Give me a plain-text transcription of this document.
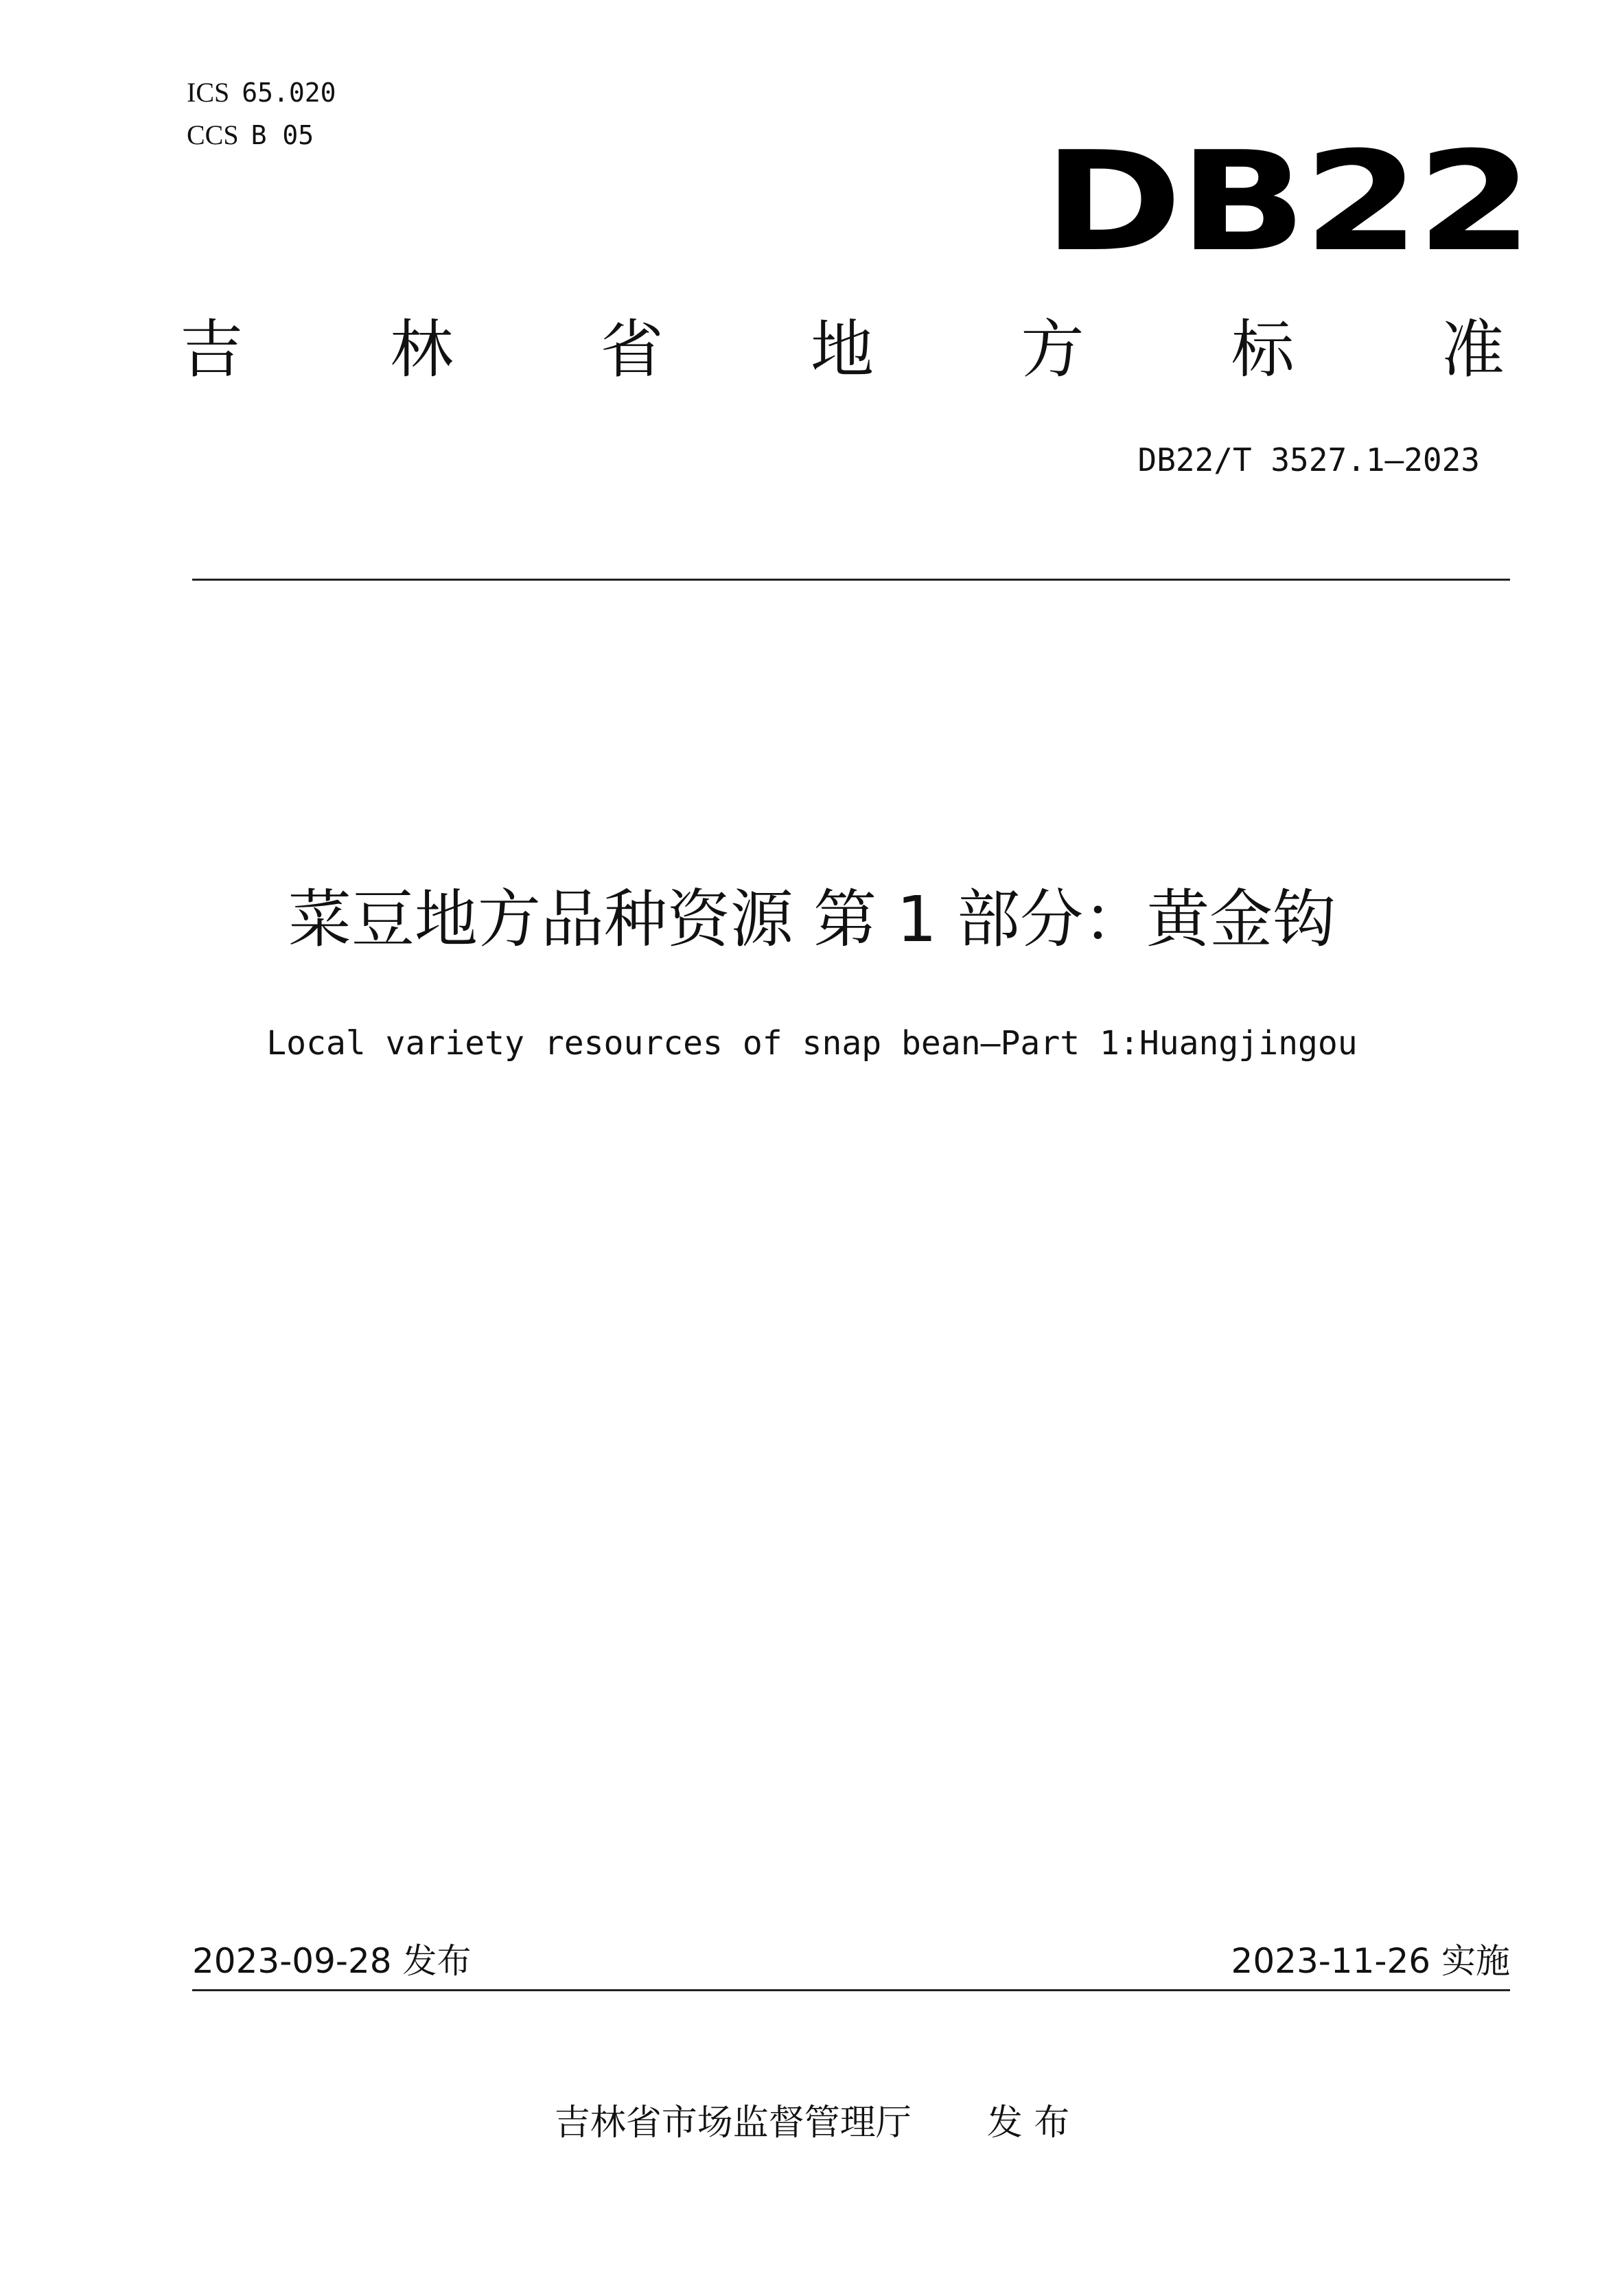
ICS 65.020
CCS B 05	DB22
吉 林 省 地 方 标 准
DB22/T 3527.1—2023
菜豆地方品种资源 第 1 部分：黄金钩
Local variety resources of snap bean—Part 1:Huangjingou
2023-09-28 发布	2023-11-26 实施
吉林省市场监督管理厅 发 布
